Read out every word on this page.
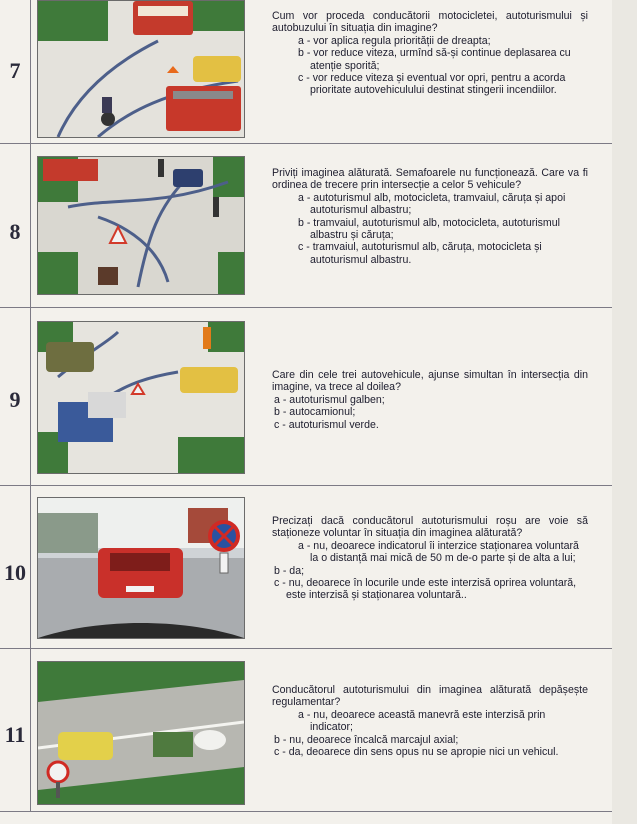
7

Cum vor proceda conducătorii motocicletei, autoturismului și autobuzului în situația din imagine?

a - vor aplica regula priorității de dreapta;

b - vor reduce viteza, urmînd să-și continue deplasarea cu atenție sporită;

c - vor reduce viteza și eventual vor opri, pentru a acorda prioritate autovehiculului destinat stingerii incendiilor.

8

Priviți imaginea alăturată. Semafoarele nu funcționează. Care va fi ordinea de trecere prin intersecție a celor 5 vehicule?

a - autoturismul alb, motocicleta, tramvaiul, căruța și apoi autoturismul albastru;

b - tramvaiul, autoturismul alb, motocicleta, autoturismul albastru și căruța;

c - tramvaiul, autoturismul alb, căruța, motocicleta și autoturismul albastru.

9

Care din cele trei autovehicule, ajunse simultan în intersecția din imagine, va trece al doilea?

a - autoturismul galben;

b - autocamionul;

c - autoturismul verde.

10

Precizați dacă conducătorul autoturismului roșu are voie să staționeze voluntar în situația din imaginea alăturată?

a - nu, deoarece indicatorul îi interzice staționarea voluntară la o distanță mai mică de 50 m de-o parte și de alta a lui;

b - da;

c - nu, deoarece în locurile unde este interzisă oprirea voluntară, este interzisă și staționarea voluntară..

11

Conducătorul autoturismului din imaginea alăturată depășește regulamentar?

a - nu, deoarece această manevră este interzisă prin indicator;

b - nu, deoarece încalcă marcajul axial;

c - da, deoarece din sens opus nu se apropie nici un vehicul.
